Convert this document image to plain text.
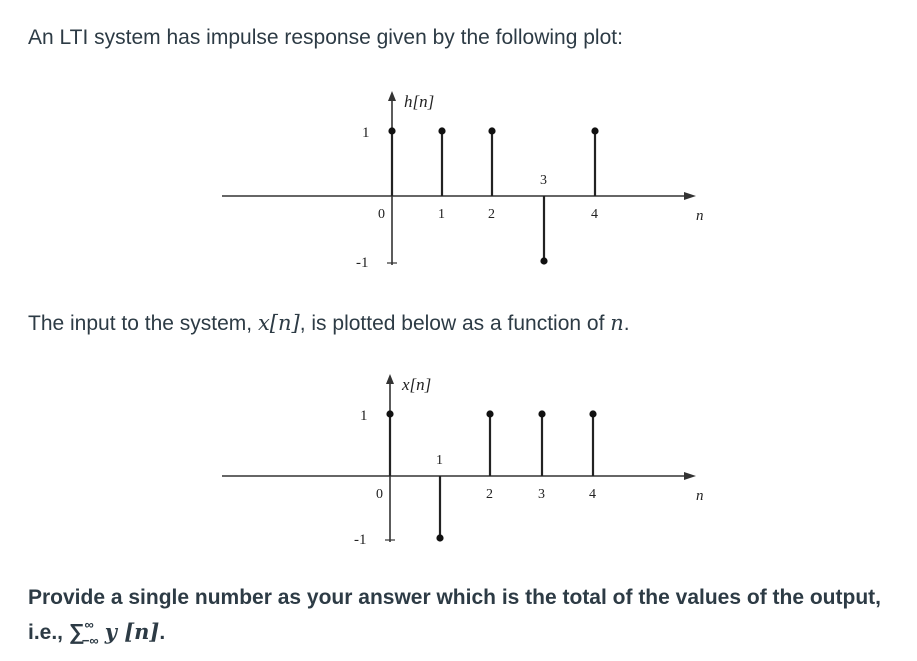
An LTI system has impulse response given by the following plot:
h[n]
1
-1
n
0	1	2
3
4
The input to the system, x[n], is plotted below as a function of n.
x[n]
1
-1
n
0
1
2	3	4
Provide a single number as your answer which is the total of the values of the output,
i.e., $\sum^\infty_{-\infty}$ y [n].
